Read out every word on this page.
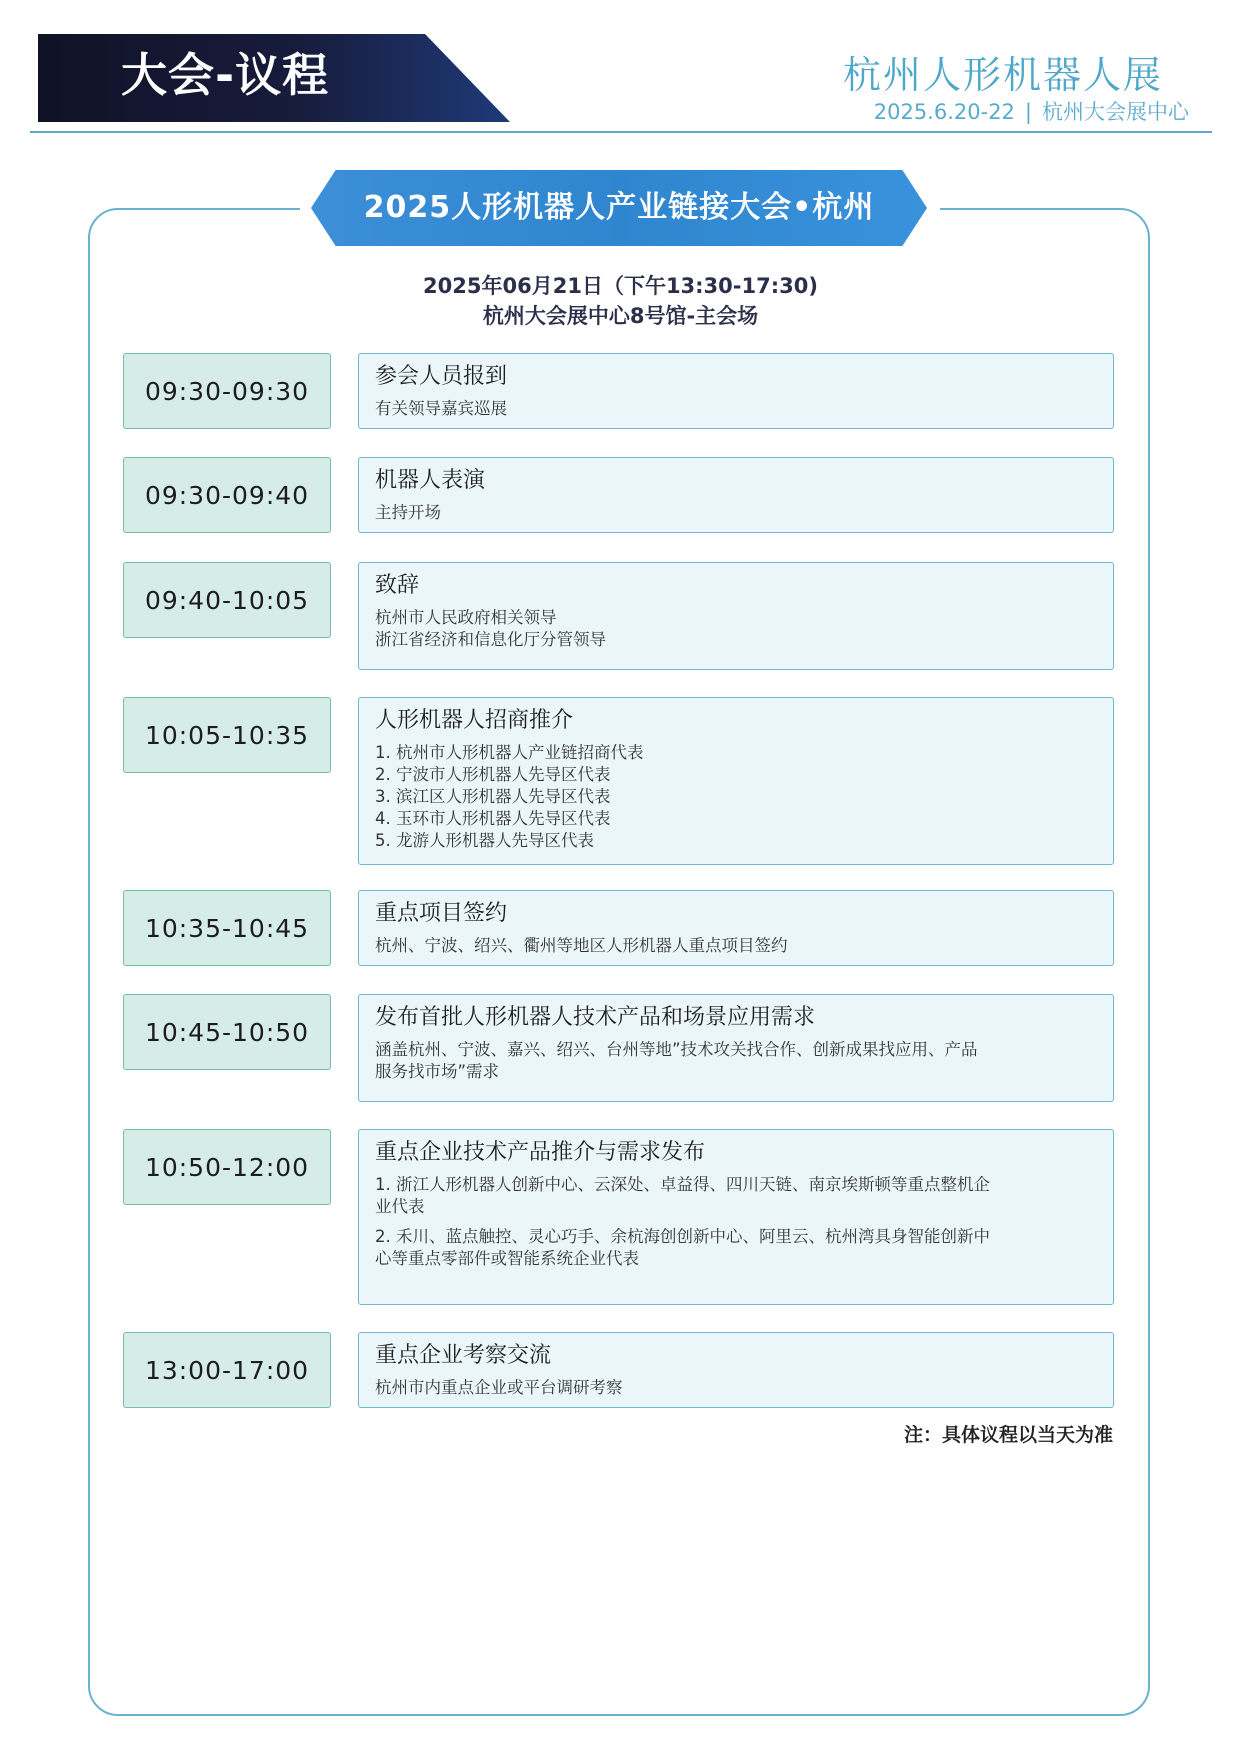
大会-议程	杭州人形机器人展
2025.6.20-22 | 杭州大会展中心
2025人形机器人产业链接大会•杭州
2025年06月21日（下午13:30-17:30)
杭州大会展中心8号馆-主会场
09:30-09:30	参会人员报到
有关领导嘉宾巡展
09:30-09:40	机器人表演
主持开场
09:40-10:05	致辞
杭州市人民政府相关领导
浙江省经济和信息化厅分管领导
10:05-10:35	人形机器人招商推介
1. 杭州市人形机器人产业链招商代表
2. 宁波市人形机器人先导区代表
3. 滨江区人形机器人先导区代表
4. 玉环市人形机器人先导区代表
5. 龙游人形机器人先导区代表
10:35-10:45	重点项目签约
杭州、宁波、绍兴、衢州等地区人形机器人重点项目签约
10:45-10:50	发布首批人形机器人技术产品和场景应用需求
涵盖杭州、宁波、嘉兴、绍兴、台州等地”技术攻关找合作、创新成果找应用、产品
服务找市场”需求
10:50-12:00	重点企业技术产品推介与需求发布
1. 浙江人形机器人创新中心、云深处、卓益得、四川天链、南京埃斯顿等重点整机企
业代表
2. 禾川、蓝点触控、灵心巧手、余杭海创创新中心、阿里云、杭州湾具身智能创新中
心等重点零部件或智能系统企业代表
13:00-17:00	重点企业考察交流
杭州市内重点企业或平台调研考察
注：具体议程以当天为准
